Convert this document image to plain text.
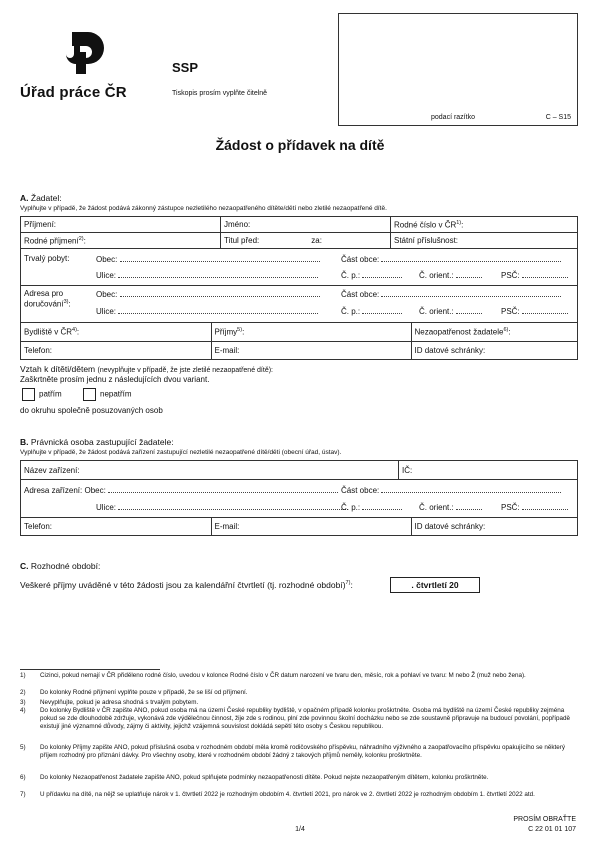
Úřad práce ČR
SSP
Tiskopis prosím vyplňte čitelně
podací razítko	C – S15
Žádost o přídavek na dítě
A. Žadatel:
Vyplňujte v případě, že žádost podává zákonný zástupce nezletilého nezaopatřeného dítěte/dětí nebo zletilé nezaopatřené dítě.
Příjmení:	Jméno:	Rodné číslo v ČR$^{1)}$:
Rodné příjmení$^{2)}$:	Titul před:	za:	Státní příslušnost:

Trvalý pobyt:	Obec:	Část obce:
Ulice:	Č. p.:	Č. orient.:	PSČ:

Adresa pro
doručování$^{3)}$:
Obec:	Část obce:
Ulice:	Č. p.:	Č. orient.:	PSČ:

Bydliště v ČR$^{4)}$:	Příjmy$^{5)}$:	Nezaopatřenost žadatele$^{6)}$:

Telefon:	E-mail:	ID datové schránky:
Vztah k dítěti/dětem (nevyplňujte v případě, že jste zletilé nezaopatřené dítě):
Zaškrtněte prosím jednu z následujících dvou variant.
patřím	nepatřím
do okruhu společně posuzovaných osob
B. Právnická osoba zastupující žadatele:
Vyplňujte v případě, že žádost podává zařízení zastupující nezletilé nezaopatřené dítě/děti (obecní úřad, ústav).
Název zařízení:	IČ:

Adresa zařízení: Obec:	Část obce:
Ulice:	Č. p.:	Č. orient.:	PSČ:

Telefon:	E-mail:	ID datové schránky:
C. Rozhodné období:
Veškeré příjmy uváděné v této žádosti jsou za kalendářní čtvrtletí (tj. rozhodné období)$^{7)}$:	. čtvrtletí 20
1) Cizinci, pokud nemají v ČR přiděleno rodné číslo, uvedou v kolonce Rodné číslo v ČR datum narození ve tvaru den, měsíc, rok a pohlaví ve tvaru: M nebo Ž (muž nebo žena).
2) Do kolonky Rodné příjmení vyplňte pouze v případě, že se liší od příjmení.
3) Nevyplňujte, pokud je adresa shodná s trvalým pobytem.
4) Do kolonky Bydliště v ČR zapište ANO, pokud osoba má na území České republiky bydliště, v opačném případě kolonku proškrtněte. Osoba má bydliště na území České republiky zejména pokud se zde dlouhodobě zdržuje, vykonává zde výdělečnou činnost, žije zde s rodinou, plní zde povinnou školní docházku nebo se zde soustavně připravuje na budoucí povolání, popřípadě existují jiné významné důvody, zájmy či aktivity, jejichž vzájemná souvislost dokládá sepětí této osoby s Českou republikou.
5) Do kolonky Příjmy zapište ANO, pokud příslušná osoba v rozhodném období měla kromě rodičovského příspěvku, náhradního výživného a zaopatřovacího příspěvku opakujícího se některý příjem rozhodný pro přiznání dávky. Pro všechny osoby, které v rozhodném období žádný z takových příjmů neměly, kolonku proškrtněte.
6) Do kolonky Nezaopatřenost žadatele zapište ANO, pokud splňujete podmínky nezaopatřenosti dítěte. Pokud nejste nezaopatřeným dítětem, kolonku proškrtněte.
7) U přídavku na dítě, na nějž se uplatňuje nárok v 1. čtvrtletí 2022 je rozhodným obdobím 4. čtvrtletí 2021, pro nárok ve 2. čtvrtletí 2022 je rozhodným obdobím 1. čtvrtletí 2022 atd.
PROSÍM OBRAŤTE
C 22 01 01 107
1/4
